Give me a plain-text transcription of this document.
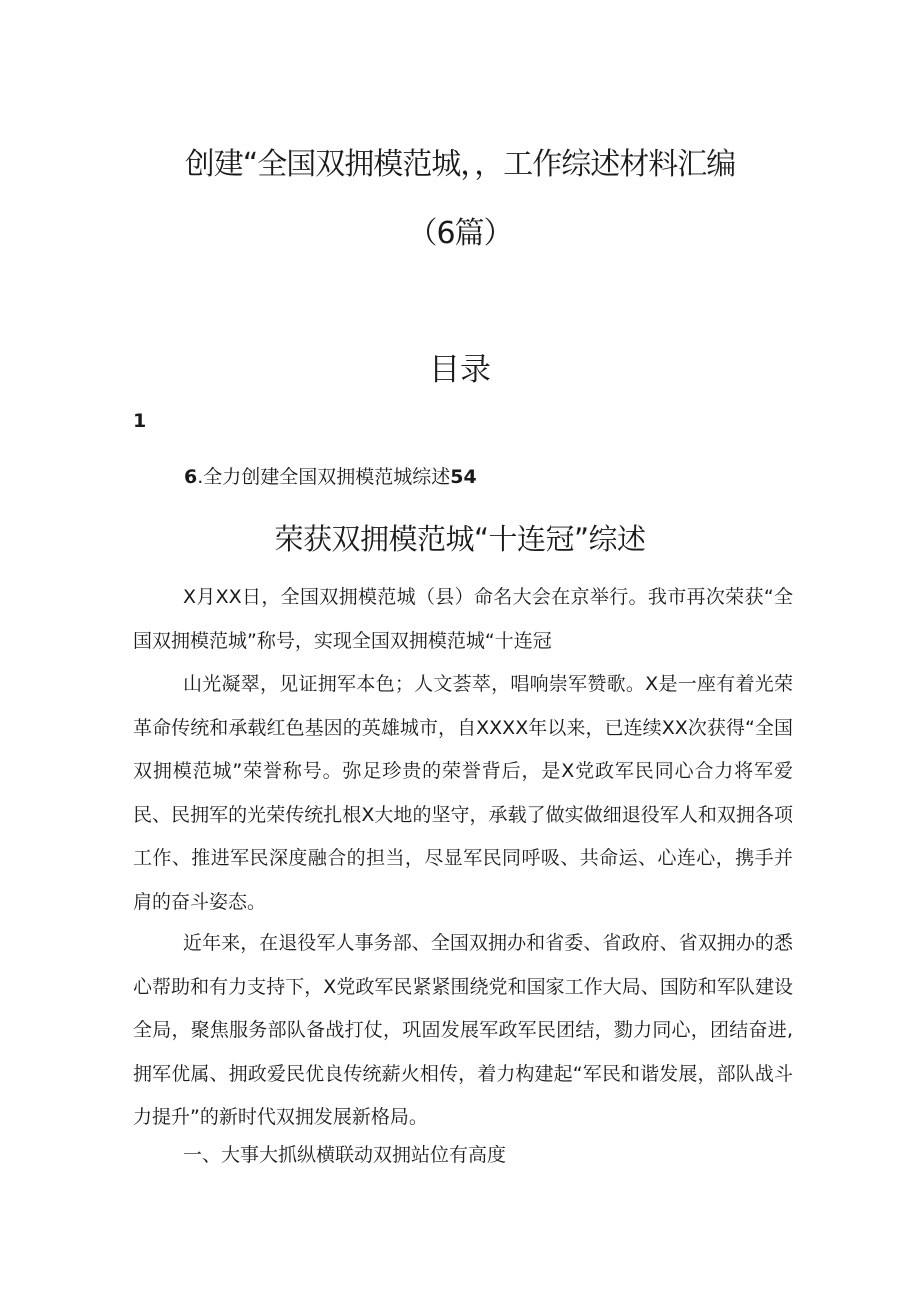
创建“全国双拥模范城，，工作综述材料汇编
（6篇）
目录
1
6.全力创建全国双拥模范城综述54
荣获双拥模范城“十连冠”综述

X月XX日，全国双拥模范城（县）命名大会在京举行。我市再次荣获“全国双拥模范城”称号，实现全国双拥模范城“十连冠

山光凝翠，见证拥军本色；人文荟萃，唱响崇军赞歌。X是一座有着光荣革命传统和承载红色基因的英雄城市，自XXXX年以来，已连续XX次获得“全国双拥模范城”荣誉称号。弥足珍贵的荣誉背后，是X党政军民同心合力将军爱民、民拥军的光荣传统扎根X大地的坚守，承载了做实做细退役军人和双拥各项工作、推进军民深度融合的担当，尽显军民同呼吸、共命运、心连心，携手并肩的奋斗姿态。

近年来，在退役军人事务部、全国双拥办和省委、省政府、省双拥办的悉心帮助和有力支持下，X党政军民紧紧围绕党和国家工作大局、国防和军队建设全局，聚焦服务部队备战打仗，巩固发展军政军民团结，勠力同心，团结奋进,拥军优属、拥政爱民优良传统薪火相传，着力构建起“军民和谐发展，部队战斗力提升”的新时代双拥发展新格局。

一、大事大抓纵横联动双拥站位有高度
